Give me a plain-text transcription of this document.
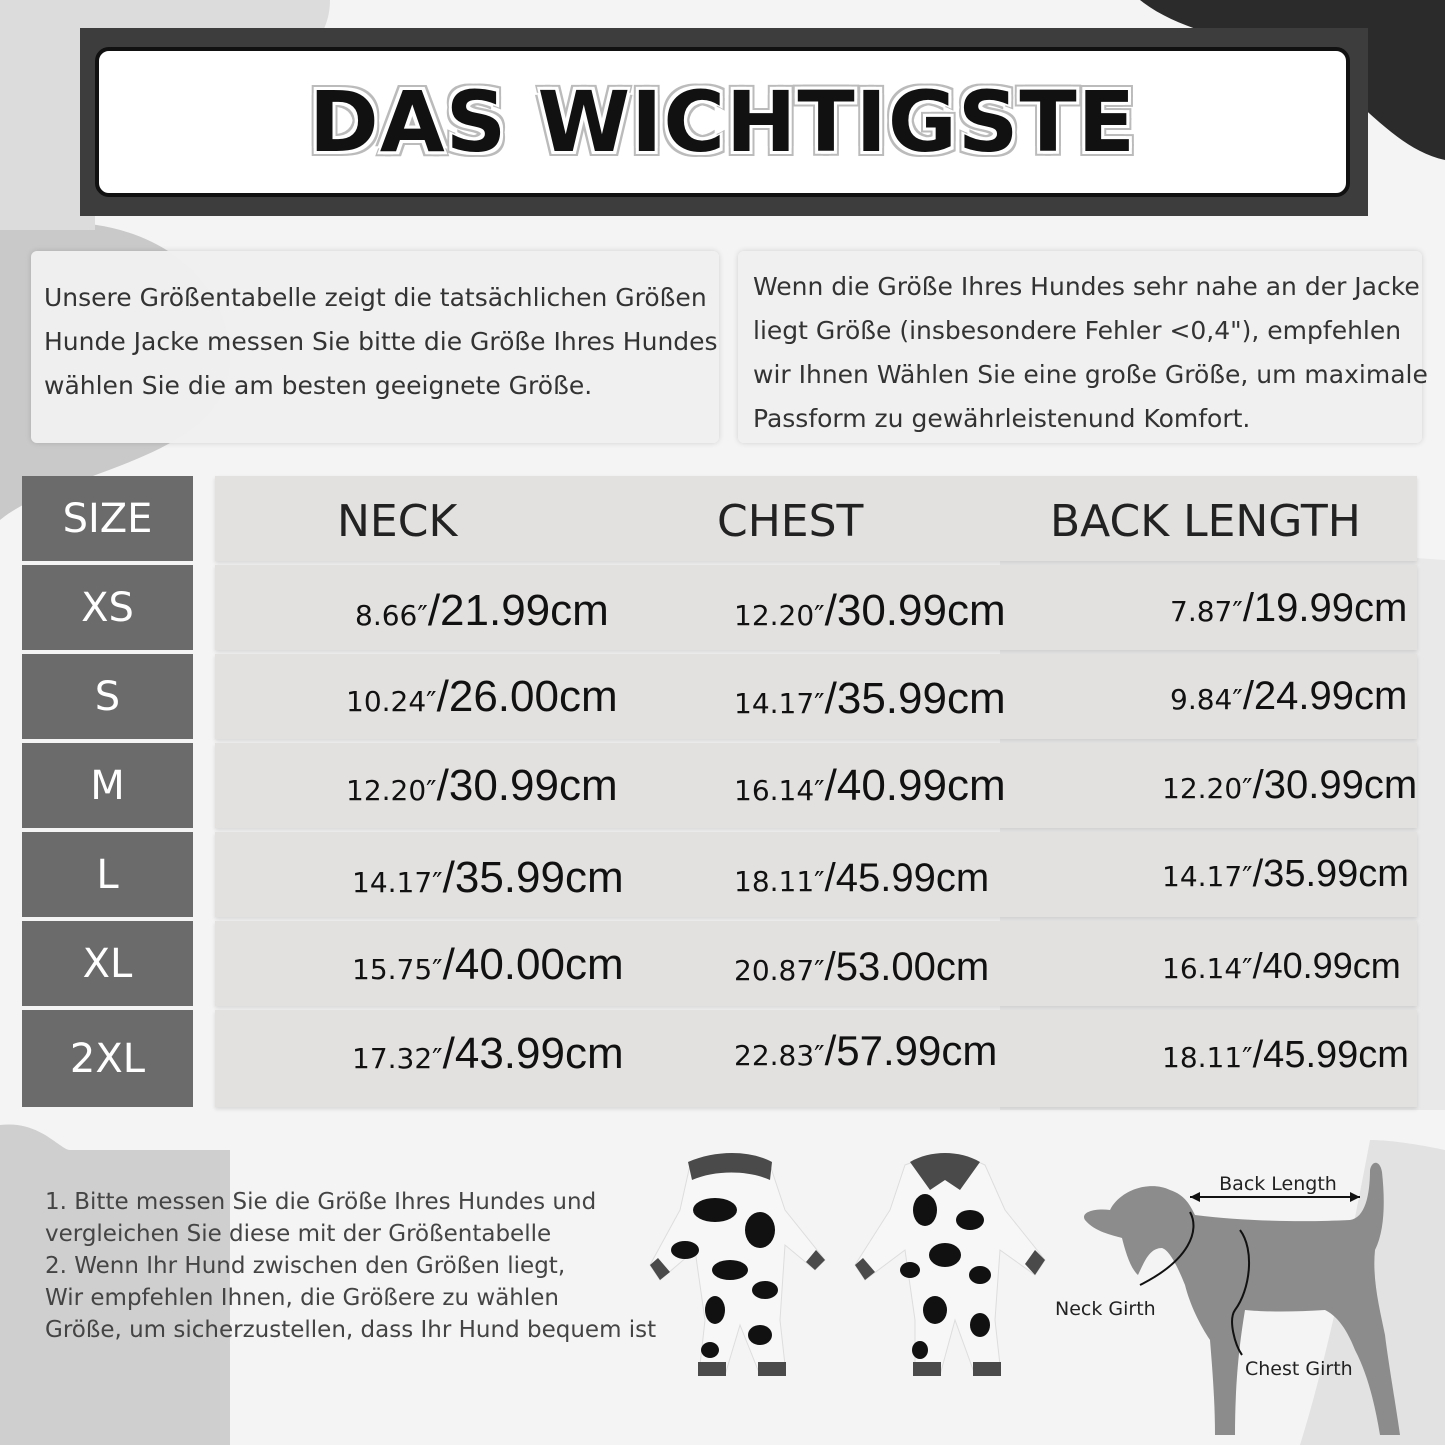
DAS WICHTIGSTE

Unsere Größentabelle zeigt die tatsächlichen Größen

Hunde Jacke messen Sie bitte die Größe Ihres Hundes

wählen Sie die am besten geeignete Größe.

Wenn die Größe Ihres Hundes sehr nahe an der Jacke

liegt Größe (insbesondere Fehler <0,4"), empfehlen

wir Ihnen Wählen Sie eine große Größe, um maximale

Passform zu gewährleistenund Komfort.

SIZE	NECK	CHEST	BACK LENGTH
XS	8.66″/21.99cm	12.20″/30.99cm	7.87″/19.99cm
S	10.24″/26.00cm	14.17″/35.99cm	9.84″/24.99cm
M	12.20″/30.99cm	16.14″/40.99cm	12.20″/30.99cm
L	14.17″/35.99cm	18.11″/45.99cm	14.17″/35.99cm
XL	15.75″/40.00cm	20.87″/53.00cm	16.14″/40.99cm
2XL	17.32″/43.99cm	22.83″/57.99cm	18.11″/45.99cm

1. Bitte messen Sie die Größe Ihres Hundes und

vergleichen Sie diese mit der Größentabelle

2. Wenn Ihr Hund zwischen den Größen liegt,

Wir empfehlen Ihnen, die Größere zu wählen

Größe, um sicherzustellen, dass Ihr Hund bequem ist

Back Length
Neck Girth
Chest Girth
